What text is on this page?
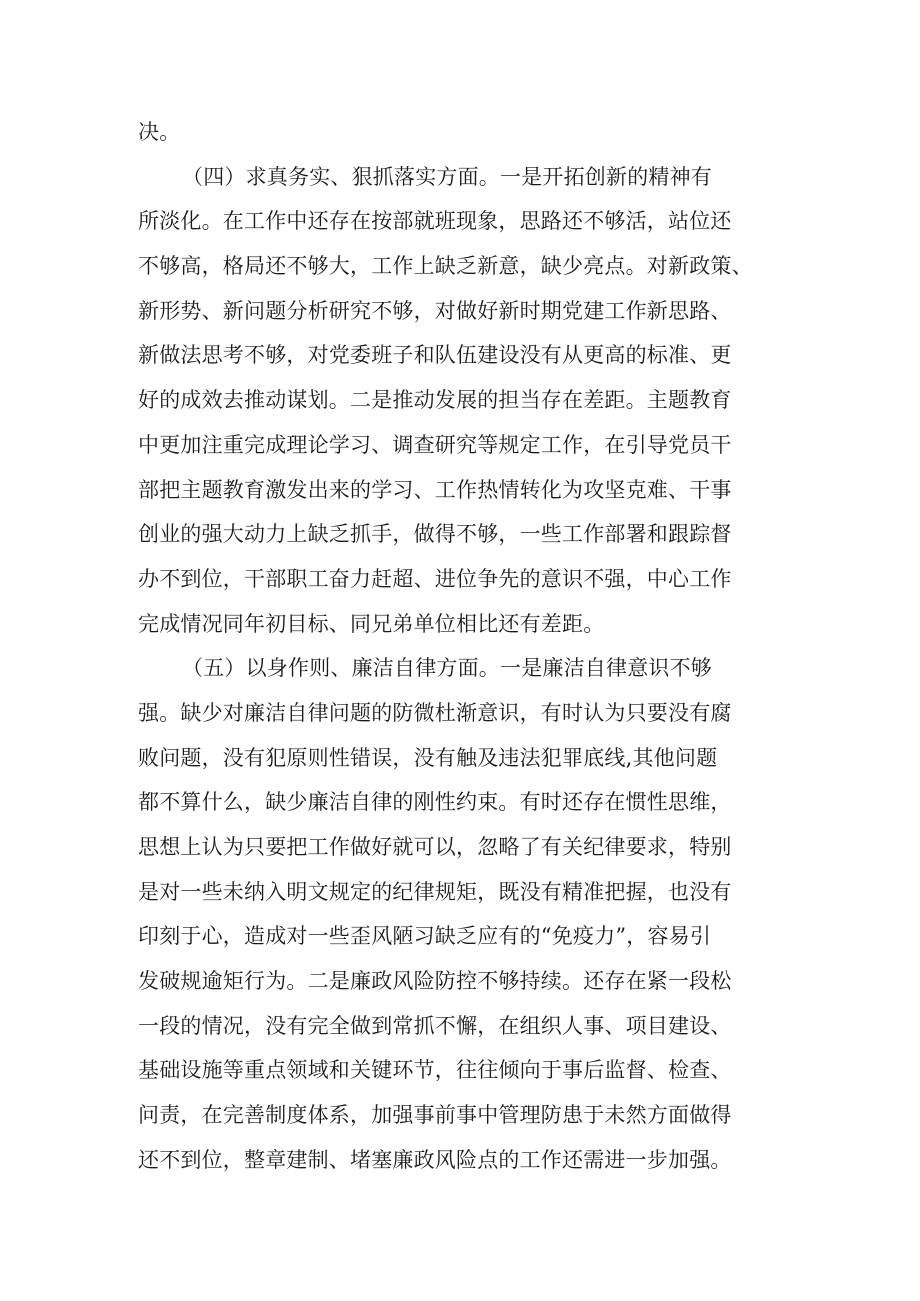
决。
（四）求真务实、狠抓落实方面。一是开拓创新的精神有
所淡化。在工作中还存在按部就班现象，思路还不够活，站位还
不够高，格局还不够大，工作上缺乏新意，缺少亮点。对新政策、
新形势、新问题分析研究不够，对做好新时期党建工作新思路、
新做法思考不够，对党委班子和队伍建设没有从更高的标准、更
好的成效去推动谋划。二是推动发展的担当存在差距。主题教育
中更加注重完成理论学习、调查研究等规定工作，在引导党员干
部把主题教育激发出来的学习、工作热情转化为攻坚克难、干事
创业的强大动力上缺乏抓手，做得不够，一些工作部署和跟踪督
办不到位，干部职工奋力赶超、进位争先的意识不强，中心工作
完成情况同年初目标、同兄弟单位相比还有差距。
（五）以身作则、廉洁自律方面。一是廉洁自律意识不够
强。缺少对廉洁自律问题的防微杜渐意识，有时认为只要没有腐
败问题，没有犯原则性错误，没有触及违法犯罪底线,其他问题
都不算什么，缺少廉洁自律的刚性约束。有时还存在惯性思维，
思想上认为只要把工作做好就可以，忽略了有关纪律要求，特别
是对一些未纳入明文规定的纪律规矩，既没有精准把握，也没有
印刻于心，造成对一些歪风陋习缺乏应有的“免疫力”，容易引
发破规逾矩行为。二是廉政风险防控不够持续。还存在紧一段松
一段的情况，没有完全做到常抓不懈，在组织人事、项目建设、
基础设施等重点领域和关键环节，往往倾向于事后监督、检查、
问责，在完善制度体系，加强事前事中管理防患于未然方面做得
还不到位，整章建制、堵塞廉政风险点的工作还需进一步加强。
